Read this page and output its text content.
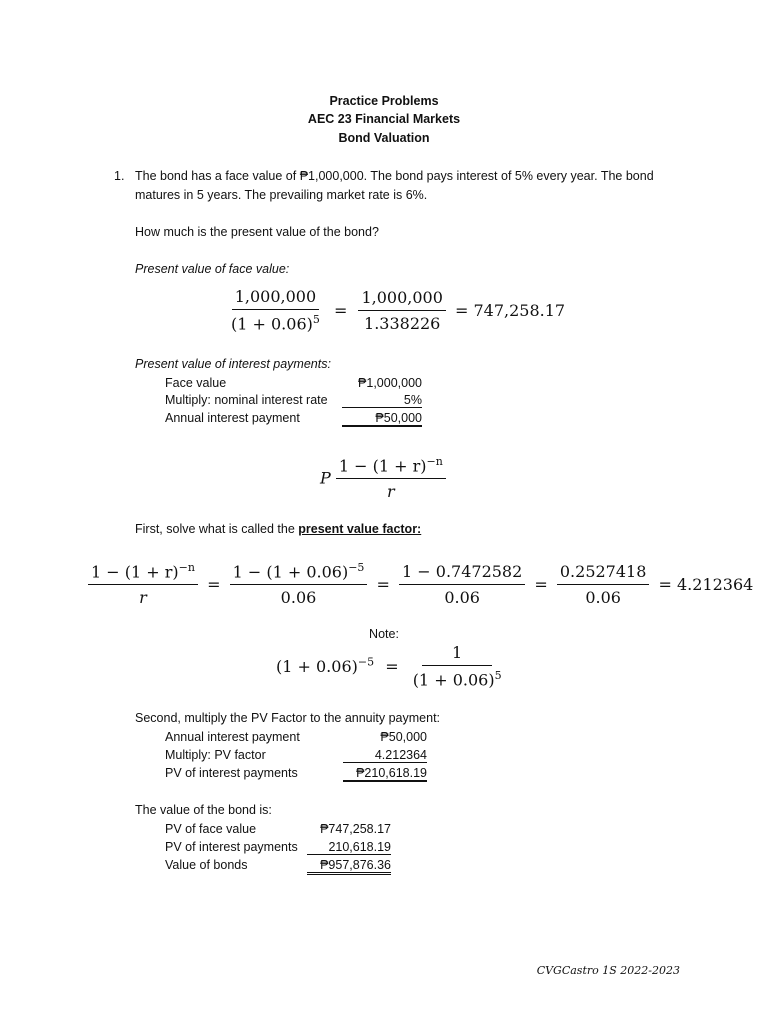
Practice Problems
AEC 23 Financial Markets
Bond Valuation
1. The bond has a face value of ₱1,000,000. The bond pays interest of 5% every year. The bond
matures in 5 years. The prevailing market rate is 6%.
How much is the present value of the bond?
Present value of face value:
$\frac{1,000,000}{(1 + 0.06)^5} = \frac{1,000,000}{1.338226} = 747,258.17$
Present value of interest payments:
Face value	₱1,000,000
Multiply: nominal interest rate	5%
Annual interest payment	₱50,000
P $\frac{1 - (1 + r)^{-n}}{r}$
First, solve what is called the present value factor:
$\frac{1 - (1 + r)^{-n}}{r} = \frac{1 - (1 + 0.06)^{-5}}{0.06} = \frac{1 - 0.7472582}{0.06} = \frac{0.2527418}{0.06} = 4.212364$
Note:
$(1 + 0.06)^{-5} = \frac{1}{(1 + 0.06)^5}$
Second, multiply the PV Factor to the annuity payment:
Annual interest payment	₱50,000
Multiply: PV factor	4.212364
PV of interest payments	₱210,618.19
The value of the bond is:
PV of face value	₱747,258.17
PV of interest payments	210,618.19
Value of bonds	₱957,876.36
CVGCastro 1S 2022-2023
